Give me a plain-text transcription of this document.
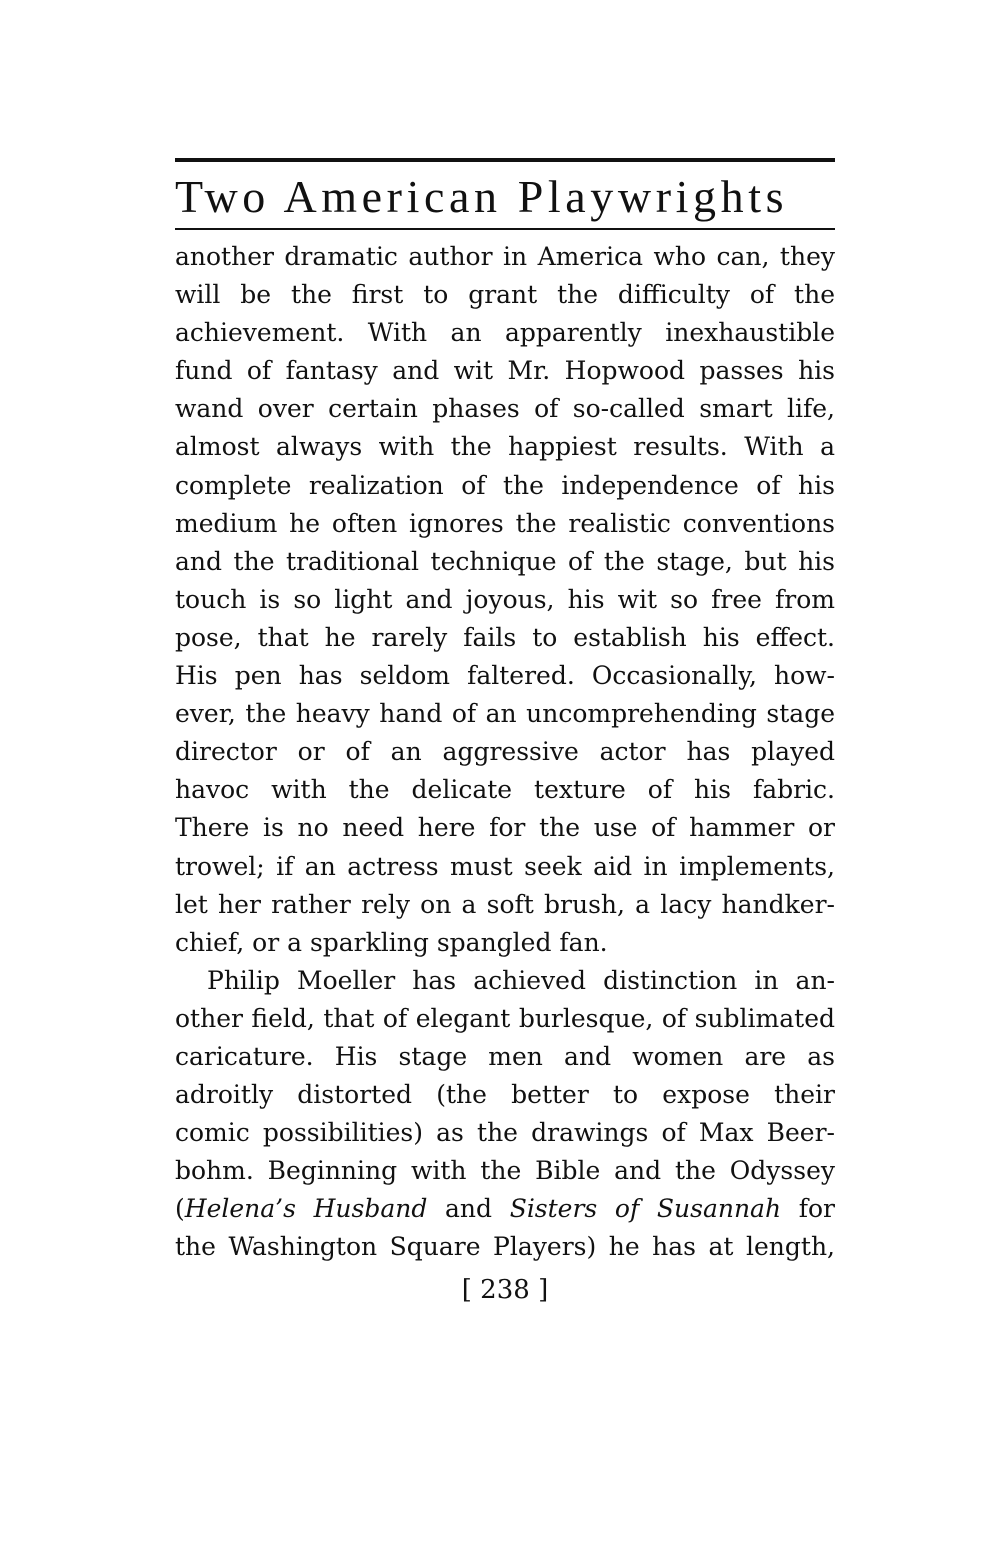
Two American Playwrights
another dramatic author in America who can, they
will be the first to grant the difficulty of the
achievement. With an apparently inexhaustible
fund of fantasy and wit Mr. Hopwood passes his
wand over certain phases of so-called smart life,
almost always with the happiest results. With a
complete realization of the independence of his
medium he often ignores the realistic conventions
and the traditional technique of the stage, but his
touch is so light and joyous, his wit so free from
pose, that he rarely fails to establish his effect.
His pen has seldom faltered. Occasionally, how-
ever, the heavy hand of an uncomprehending stage
director or of an aggressive actor has played
havoc with the delicate texture of his fabric.
There is no need here for the use of hammer or
trowel; if an actress must seek aid in implements,
let her rather rely on a soft brush, a lacy handker-
chief, or a sparkling spangled fan.
Philip Moeller has achieved distinction in an-
other field, that of elegant burlesque, of sublimated
caricature. His stage men and women are as
adroitly distorted (the better to expose their
comic possibilities) as the drawings of Max Beer-
bohm. Beginning with the Bible and the Odyssey
(Helena’s Husband and Sisters of Susannah for
the Washington Square Players) he has at length,
[ 238 ]
